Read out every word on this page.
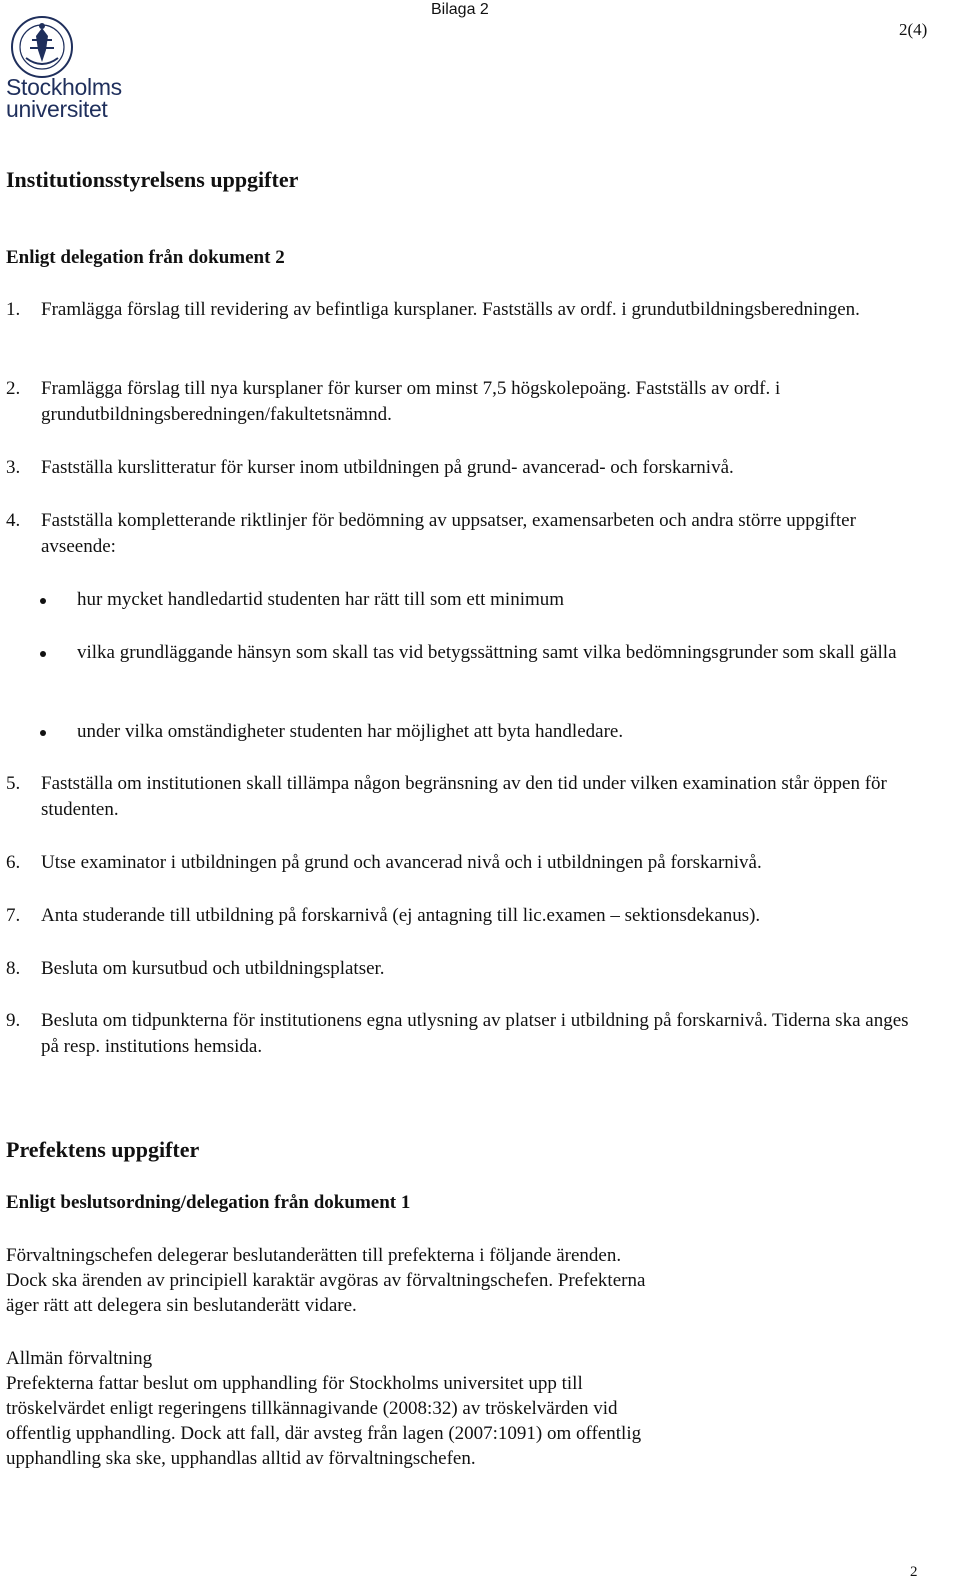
Stockholms
universitet
Bilaga 2
2(4)
Institutionsstyrelsens uppgifter
Enligt delegation från dokument 2
1. Framlägga förslag till revidering av befintliga kursplaner. Fastställs av ordf. i grundutbildningsberedningen.
2. Framlägga förslag till nya kursplaner för kurser om minst 7,5 högskolepoäng. Fastställs av ordf. i grundutbildningsberedningen/fakultetsnämnd.
3. Fastställa kurslitteratur för kurser inom utbildningen på grund- avancerad- och forskarnivå.
4. Fastställa kompletterande riktlinjer för bedömning av uppsatser, examensarbeten och andra större uppgifter avseende:
hur mycket handledartid studenten har rätt till som ett minimum
vilka grundläggande hänsyn som skall tas vid betygssättning samt vilka bedömningsgrunder som skall gälla
under vilka omständigheter studenten har möjlighet att byta handledare.
5. Fastställa om institutionen skall tillämpa någon begränsning av den tid under vilken examination står öppen för studenten.
6. Utse examinator i utbildningen på grund och avancerad nivå och i utbildningen på forskarnivå.
7. Anta studerande till utbildning på forskarnivå (ej antagning till lic.examen – sektionsdekanus).
8. Besluta om kursutbud och utbildningsplatser.
9. Besluta om tidpunkterna för institutionens egna utlysning av platser i utbildning på forskarnivå. Tiderna ska anges på resp. institutions hemsida.
Prefektens uppgifter
Enligt beslutsordning/delegation från dokument 1
Förvaltningschefen delegerar beslutanderätten till prefekterna i följande ärenden.
Dock ska ärenden av principiell karaktär avgöras av förvaltningschefen. Prefekterna
äger rätt att delegera sin beslutanderätt vidare.
Allmän förvaltning
Prefekterna fattar beslut om upphandling för Stockholms universitet upp till
tröskelvärdet enligt regeringens tillkännagivande (2008:32) av tröskelvärden vid
offentlig upphandling. Dock att fall, där avsteg från lagen (2007:1091) om offentlig
upphandling ska ske, upphandlas alltid av förvaltningschefen.
2
